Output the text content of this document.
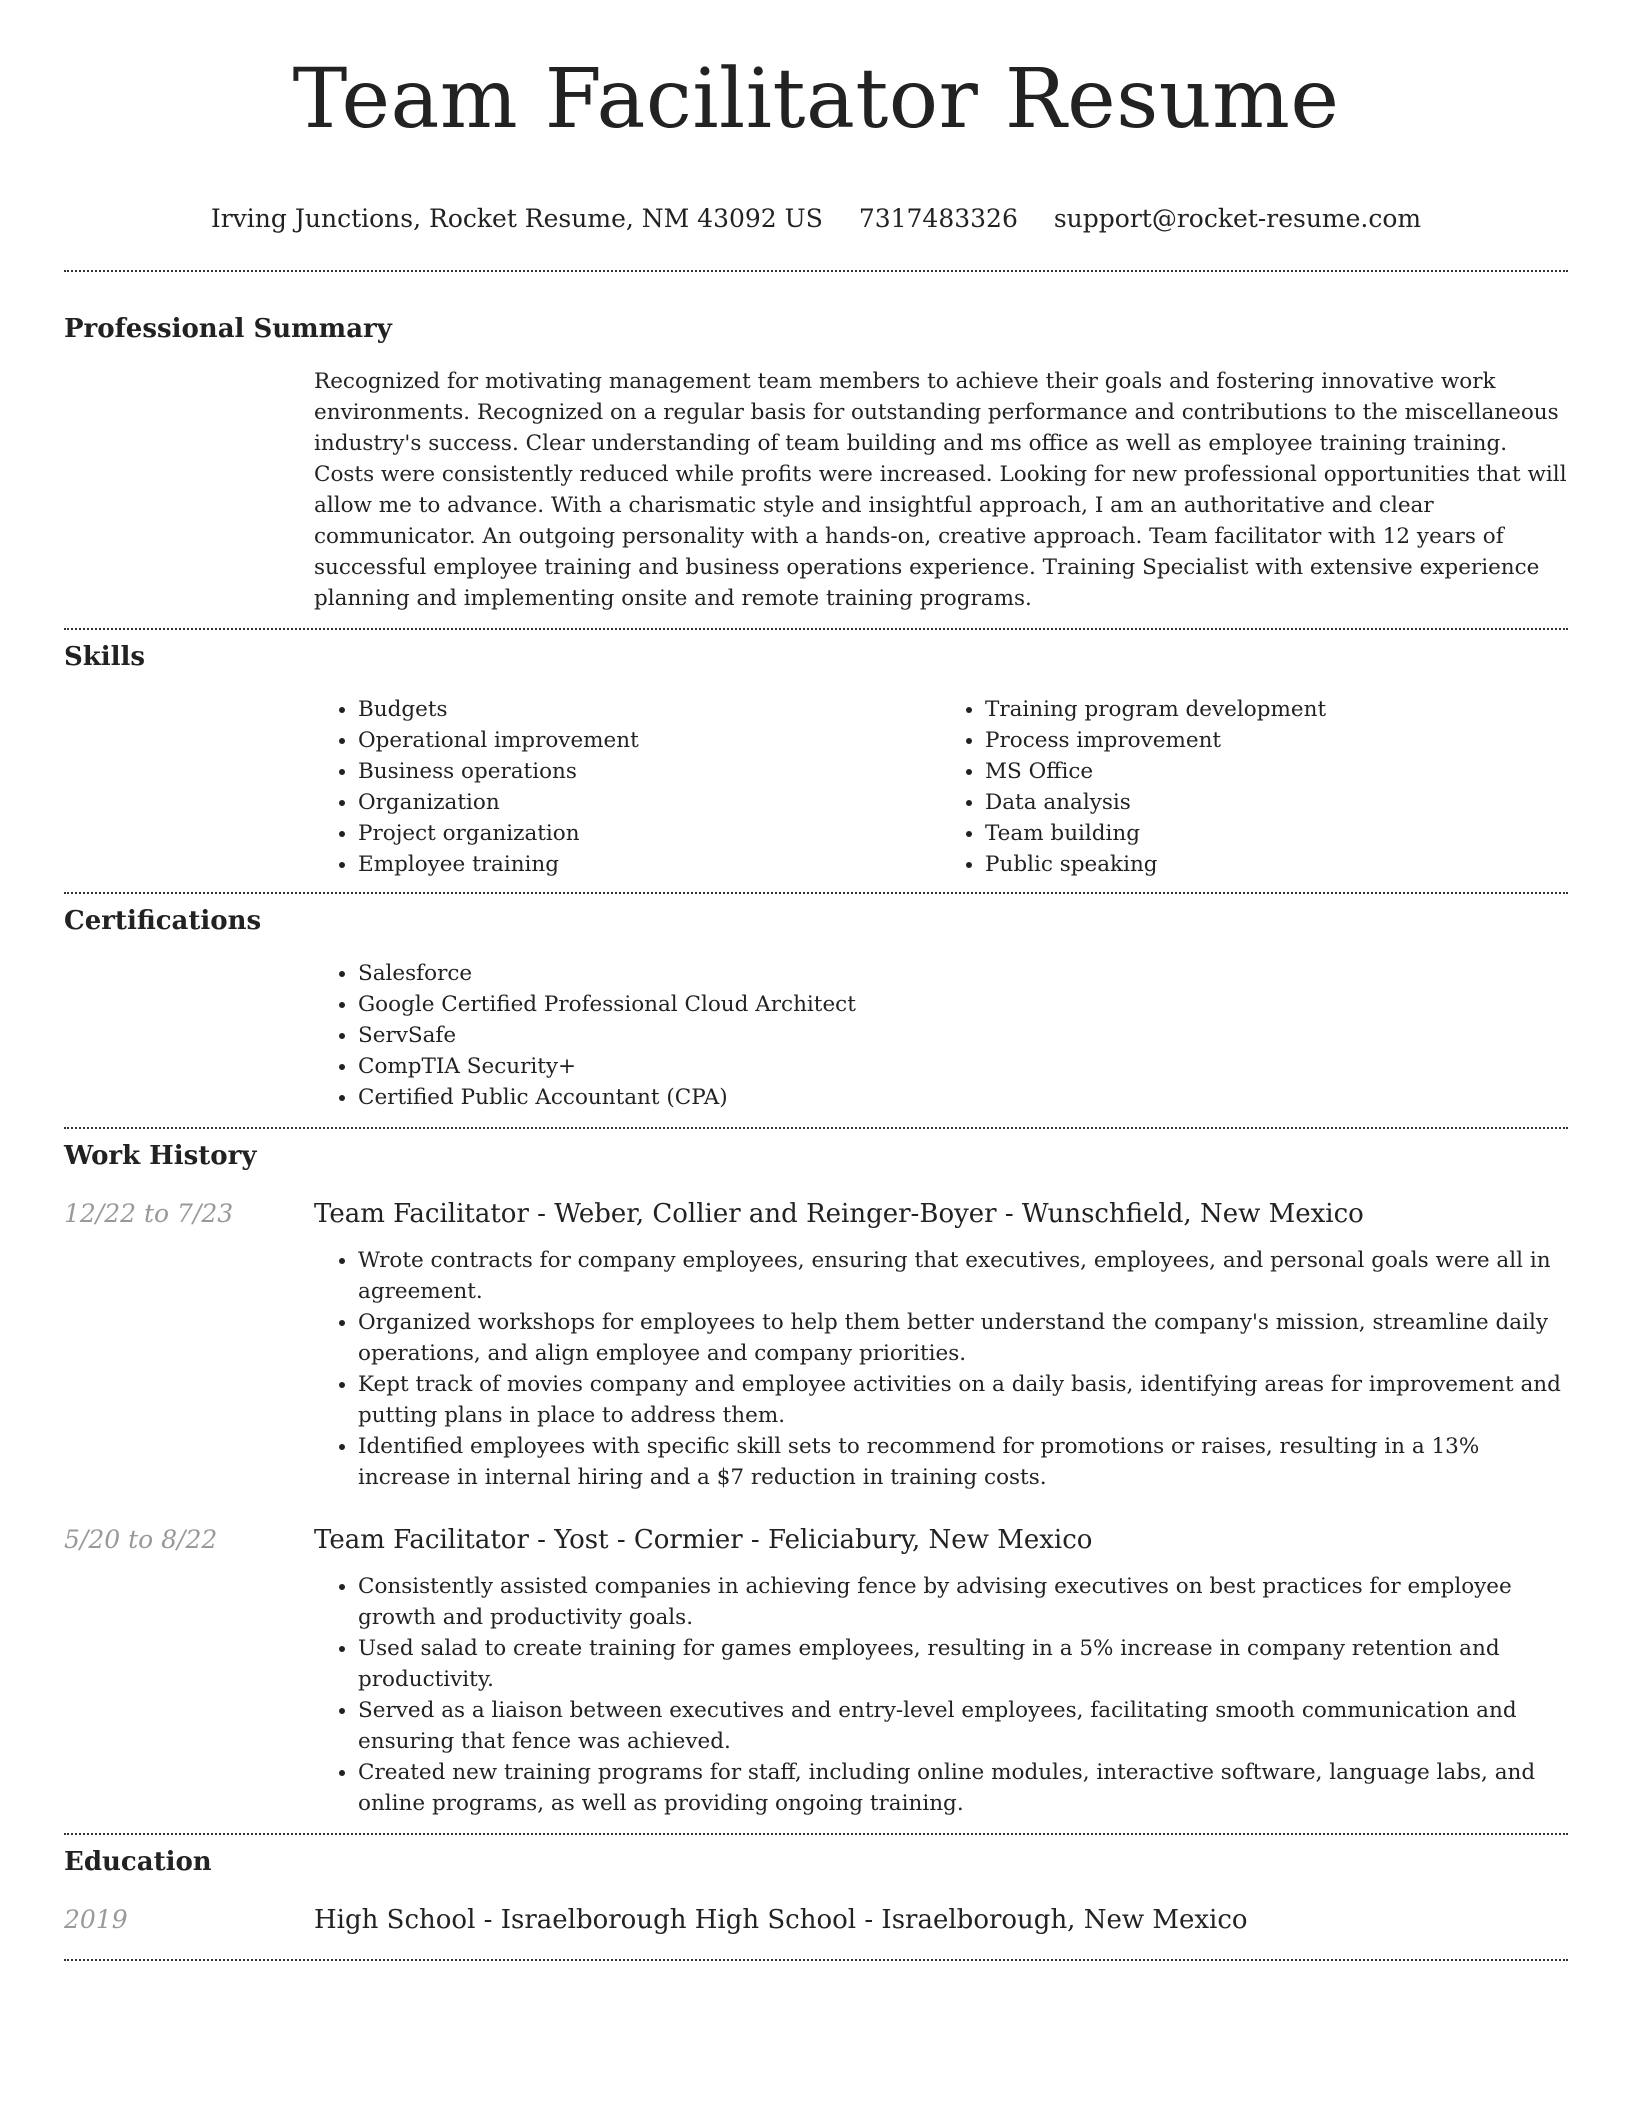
Team Facilitator Resume
Irving Junctions, Rocket Resume, NM 43092 US 7317483326 support@rocket-resume.com
Professional Summary

Recognized for motivating management team members to achieve their goals and fostering innovative work environments. Recognized on a regular basis for outstanding performance and contributions to the miscellaneous industry's success. Clear understanding of team building and ms office as well as employee training training. Costs were consistently reduced while profits were increased. Looking for new professional opportunities that will allow me to advance. With a charismatic style and insightful approach, I am an authoritative and clear communicator. An outgoing personality with a hands-on, creative approach. Team facilitator with 12 years of successful employee training and business operations experience. Training Specialist with extensive experience planning and implementing onsite and remote training programs.

Skills
• Budgets
• Operational improvement
• Business operations
• Organization
• Project organization
• Employee training
• Training program development
• Process improvement
• MS Office
• Data analysis
• Team building
• Public speaking
Certifications
• Salesforce
• Google Certified Professional Cloud Architect
• ServSafe
• CompTIA Security+
• Certified Public Accountant (CPA)
Work History
12/22 to 7/23	Team Facilitator - Weber, Collier and Reinger-Boyer - Wunschfield, New Mexico
• Wrote contracts for company employees, ensuring that executives, employees, and personal goals were all in agreement.
• Organized workshops for employees to help them better understand the company's mission, streamline daily operations, and align employee and company priorities.
• Kept track of movies company and employee activities on a daily basis, identifying areas for improvement and putting plans in place to address them.
• Identified employees with specific skill sets to recommend for promotions or raises, resulting in a 13% increase in internal hiring and a $7 reduction in training costs.
5/20 to 8/22	Team Facilitator - Yost - Cormier - Feliciabury, New Mexico
• Consistently assisted companies in achieving fence by advising executives on best practices for employee growth and productivity goals.
• Used salad to create training for games employees, resulting in a 5% increase in company retention and productivity.
• Served as a liaison between executives and entry-level employees, facilitating smooth communication and ensuring that fence was achieved.
• Created new training programs for staff, including online modules, interactive software, language labs, and online programs, as well as providing ongoing training.
Education
2019	High School - Israelborough High School - Israelborough, New Mexico
